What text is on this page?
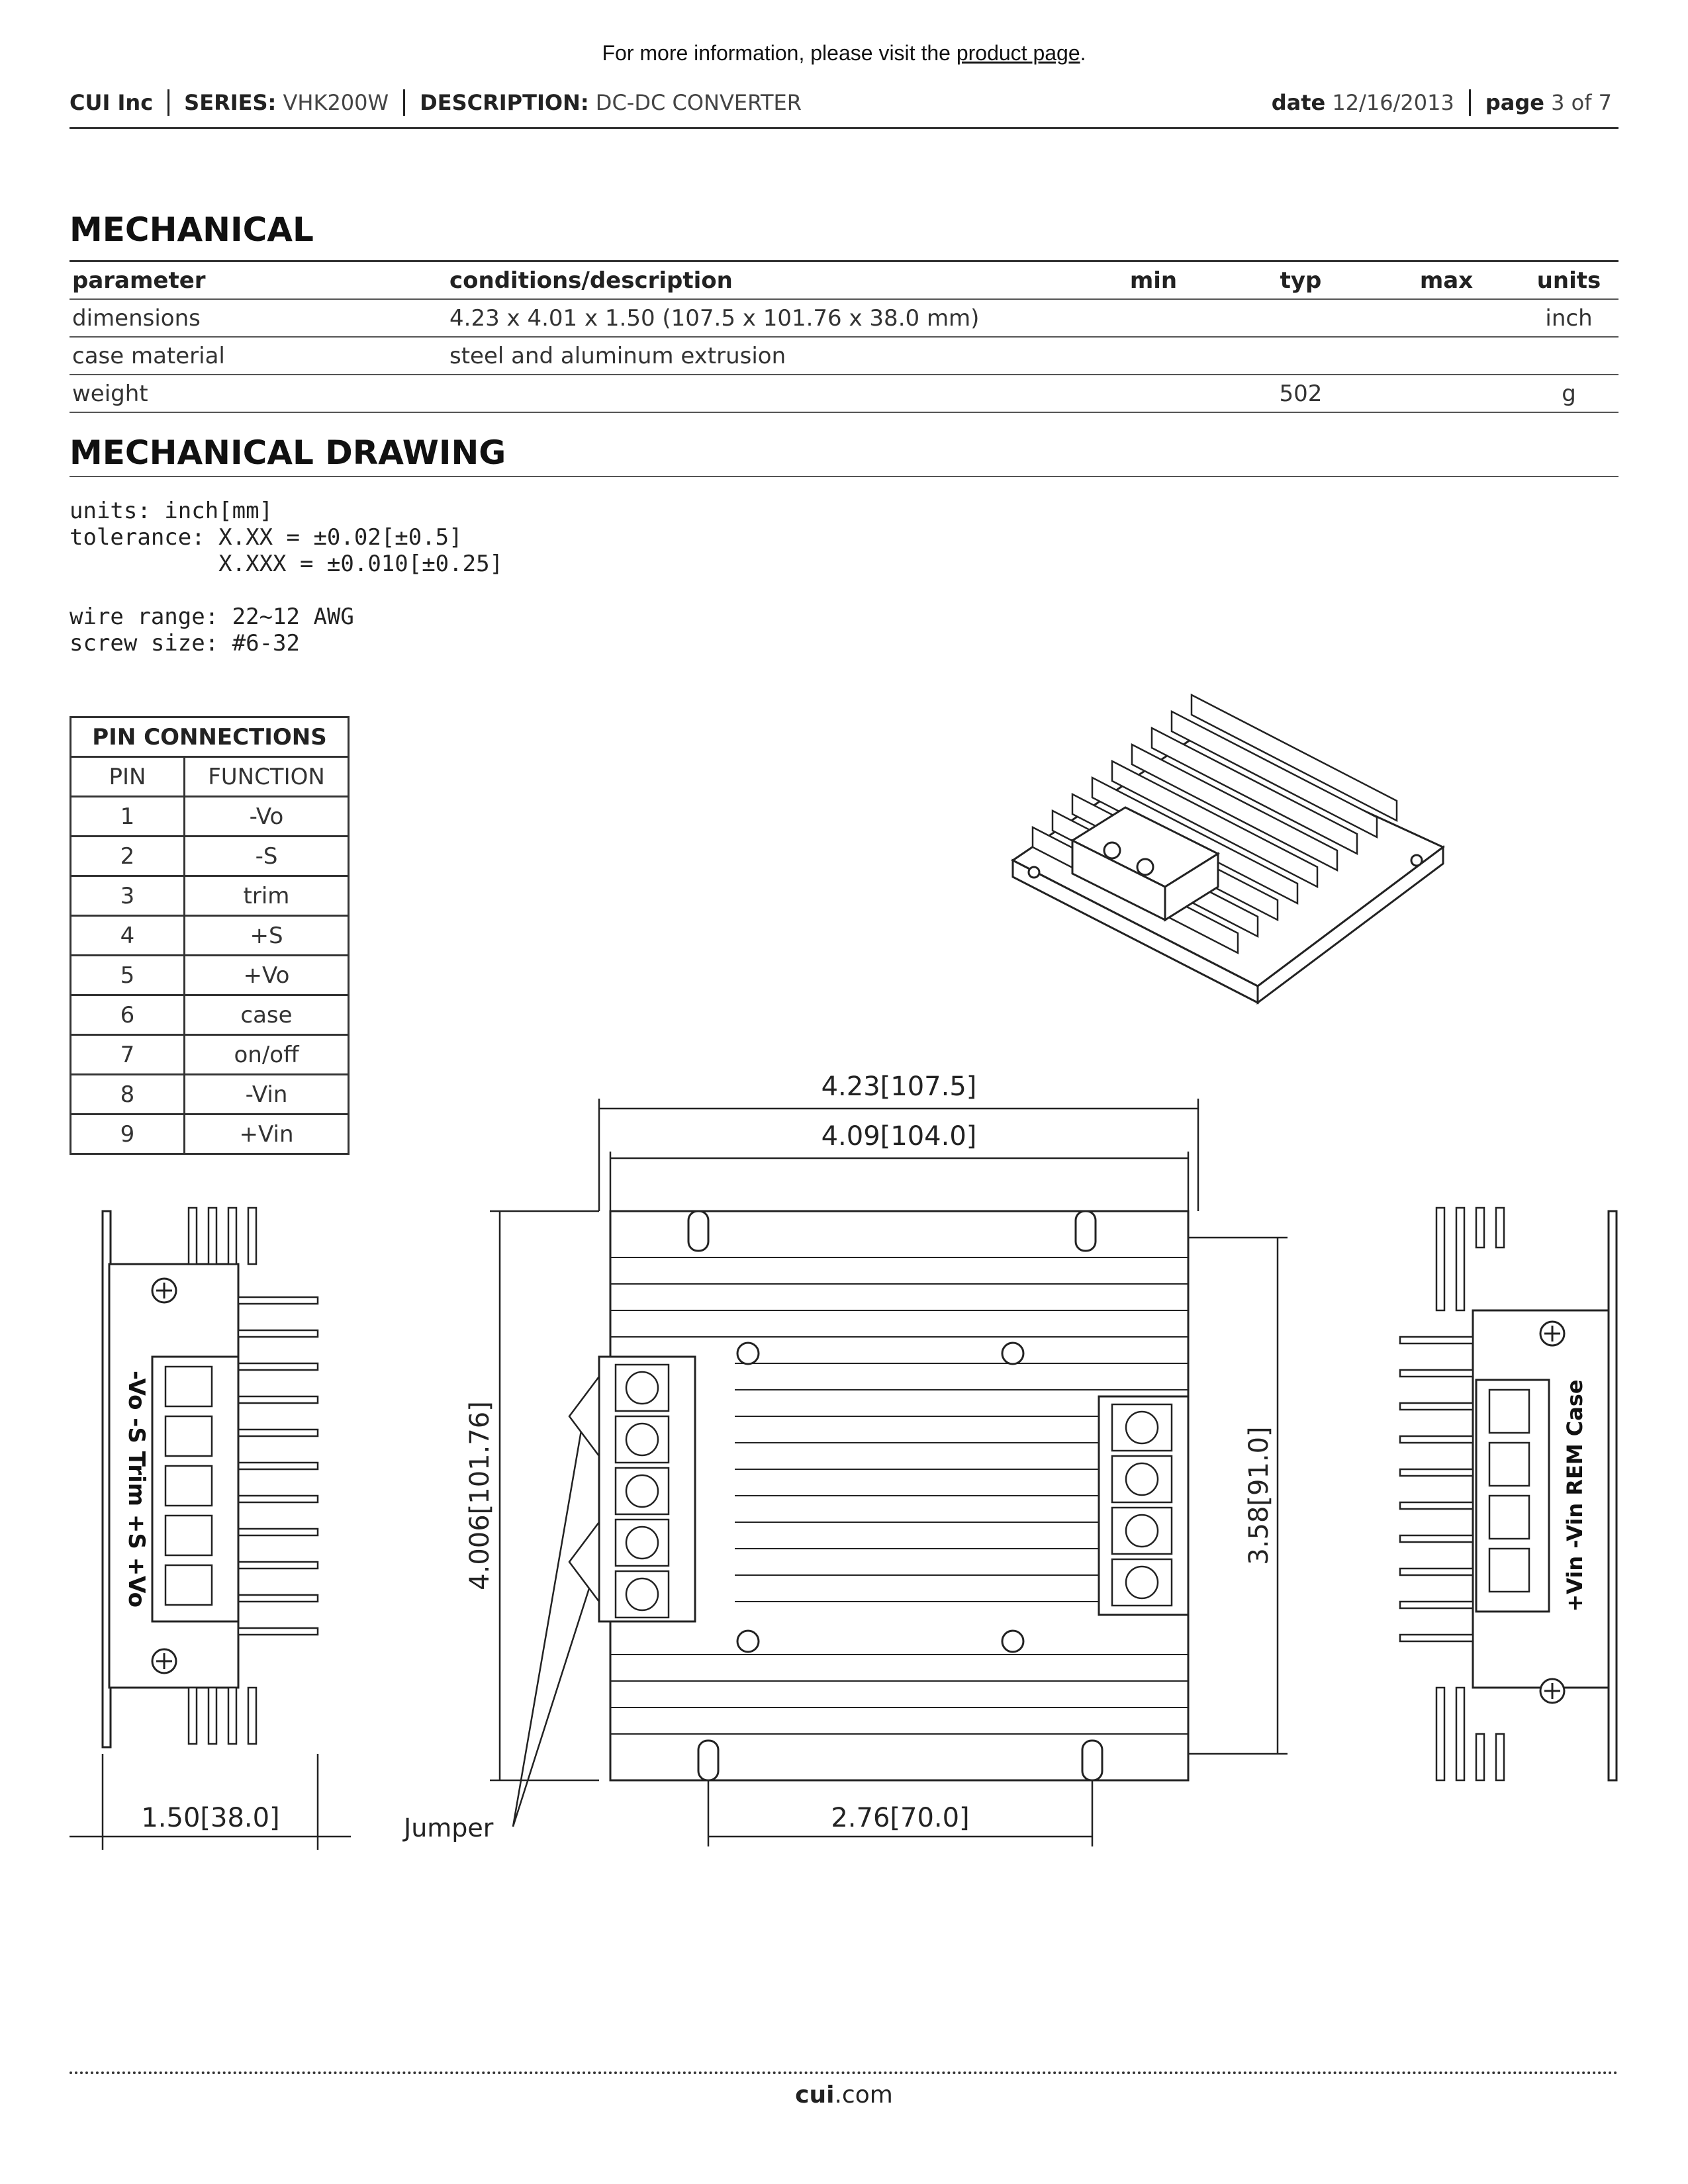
For more information, please visit the product page.
CUI Inc SERIES:
VHK200W DESCRIPTION:
DC-DC CONVERTER	date
12/16/2013 page
3 of 7
MECHANICAL
parameter	conditions/description	min	typ	max	units
dimensions	4.23 x 4.01 x 1.50 (107.5 x 101.76 x 38.0 mm)				inch
case material	steel and aluminum extrusion				
weight			502		g
MECHANICAL DRAWING
units: inch[mm]
tolerance: X.XX = ±0.02[±0.5]
X.XXX = ±0.010[±0.25]
wire range: 22~12 AWG
screw size: #6-32
PIN CONNECTIONS	
PIN	FUNCTION
1	-Vo
2	-S
3	trim
4	+S
5	+Vo
6	case
7	on/off
8	-Vin
9	+Vin
-Vo -S Trim +S +Vo
1.50[38.0]
4.23[107.5]
4.09[104.0]
4.006[101.76]	3.58[91.0]
2.76[70.0]
Jumper
+Vin -Vin REM Case
cui.com
